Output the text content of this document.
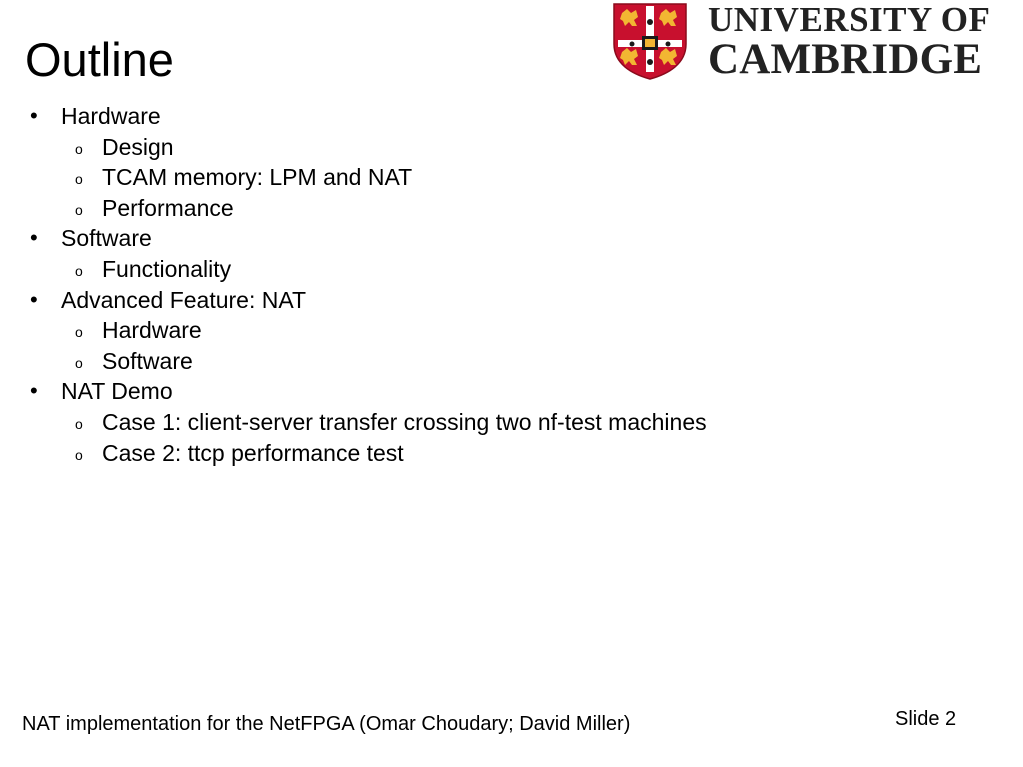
Outline
UNIVERSITY OF
CAMBRIDGE
• Hardware
o Design
o TCAM memory: LPM and NAT
o Performance
• Software
o Functionality
• Advanced Feature: NAT
o Hardware
o Software
• NAT Demo
o Case 1: client-server transfer crossing two nf-test machines
o Case 2: ttcp performance test
NAT implementation for the NetFPGA (Omar Choudary; David Miller)	Slide 2
